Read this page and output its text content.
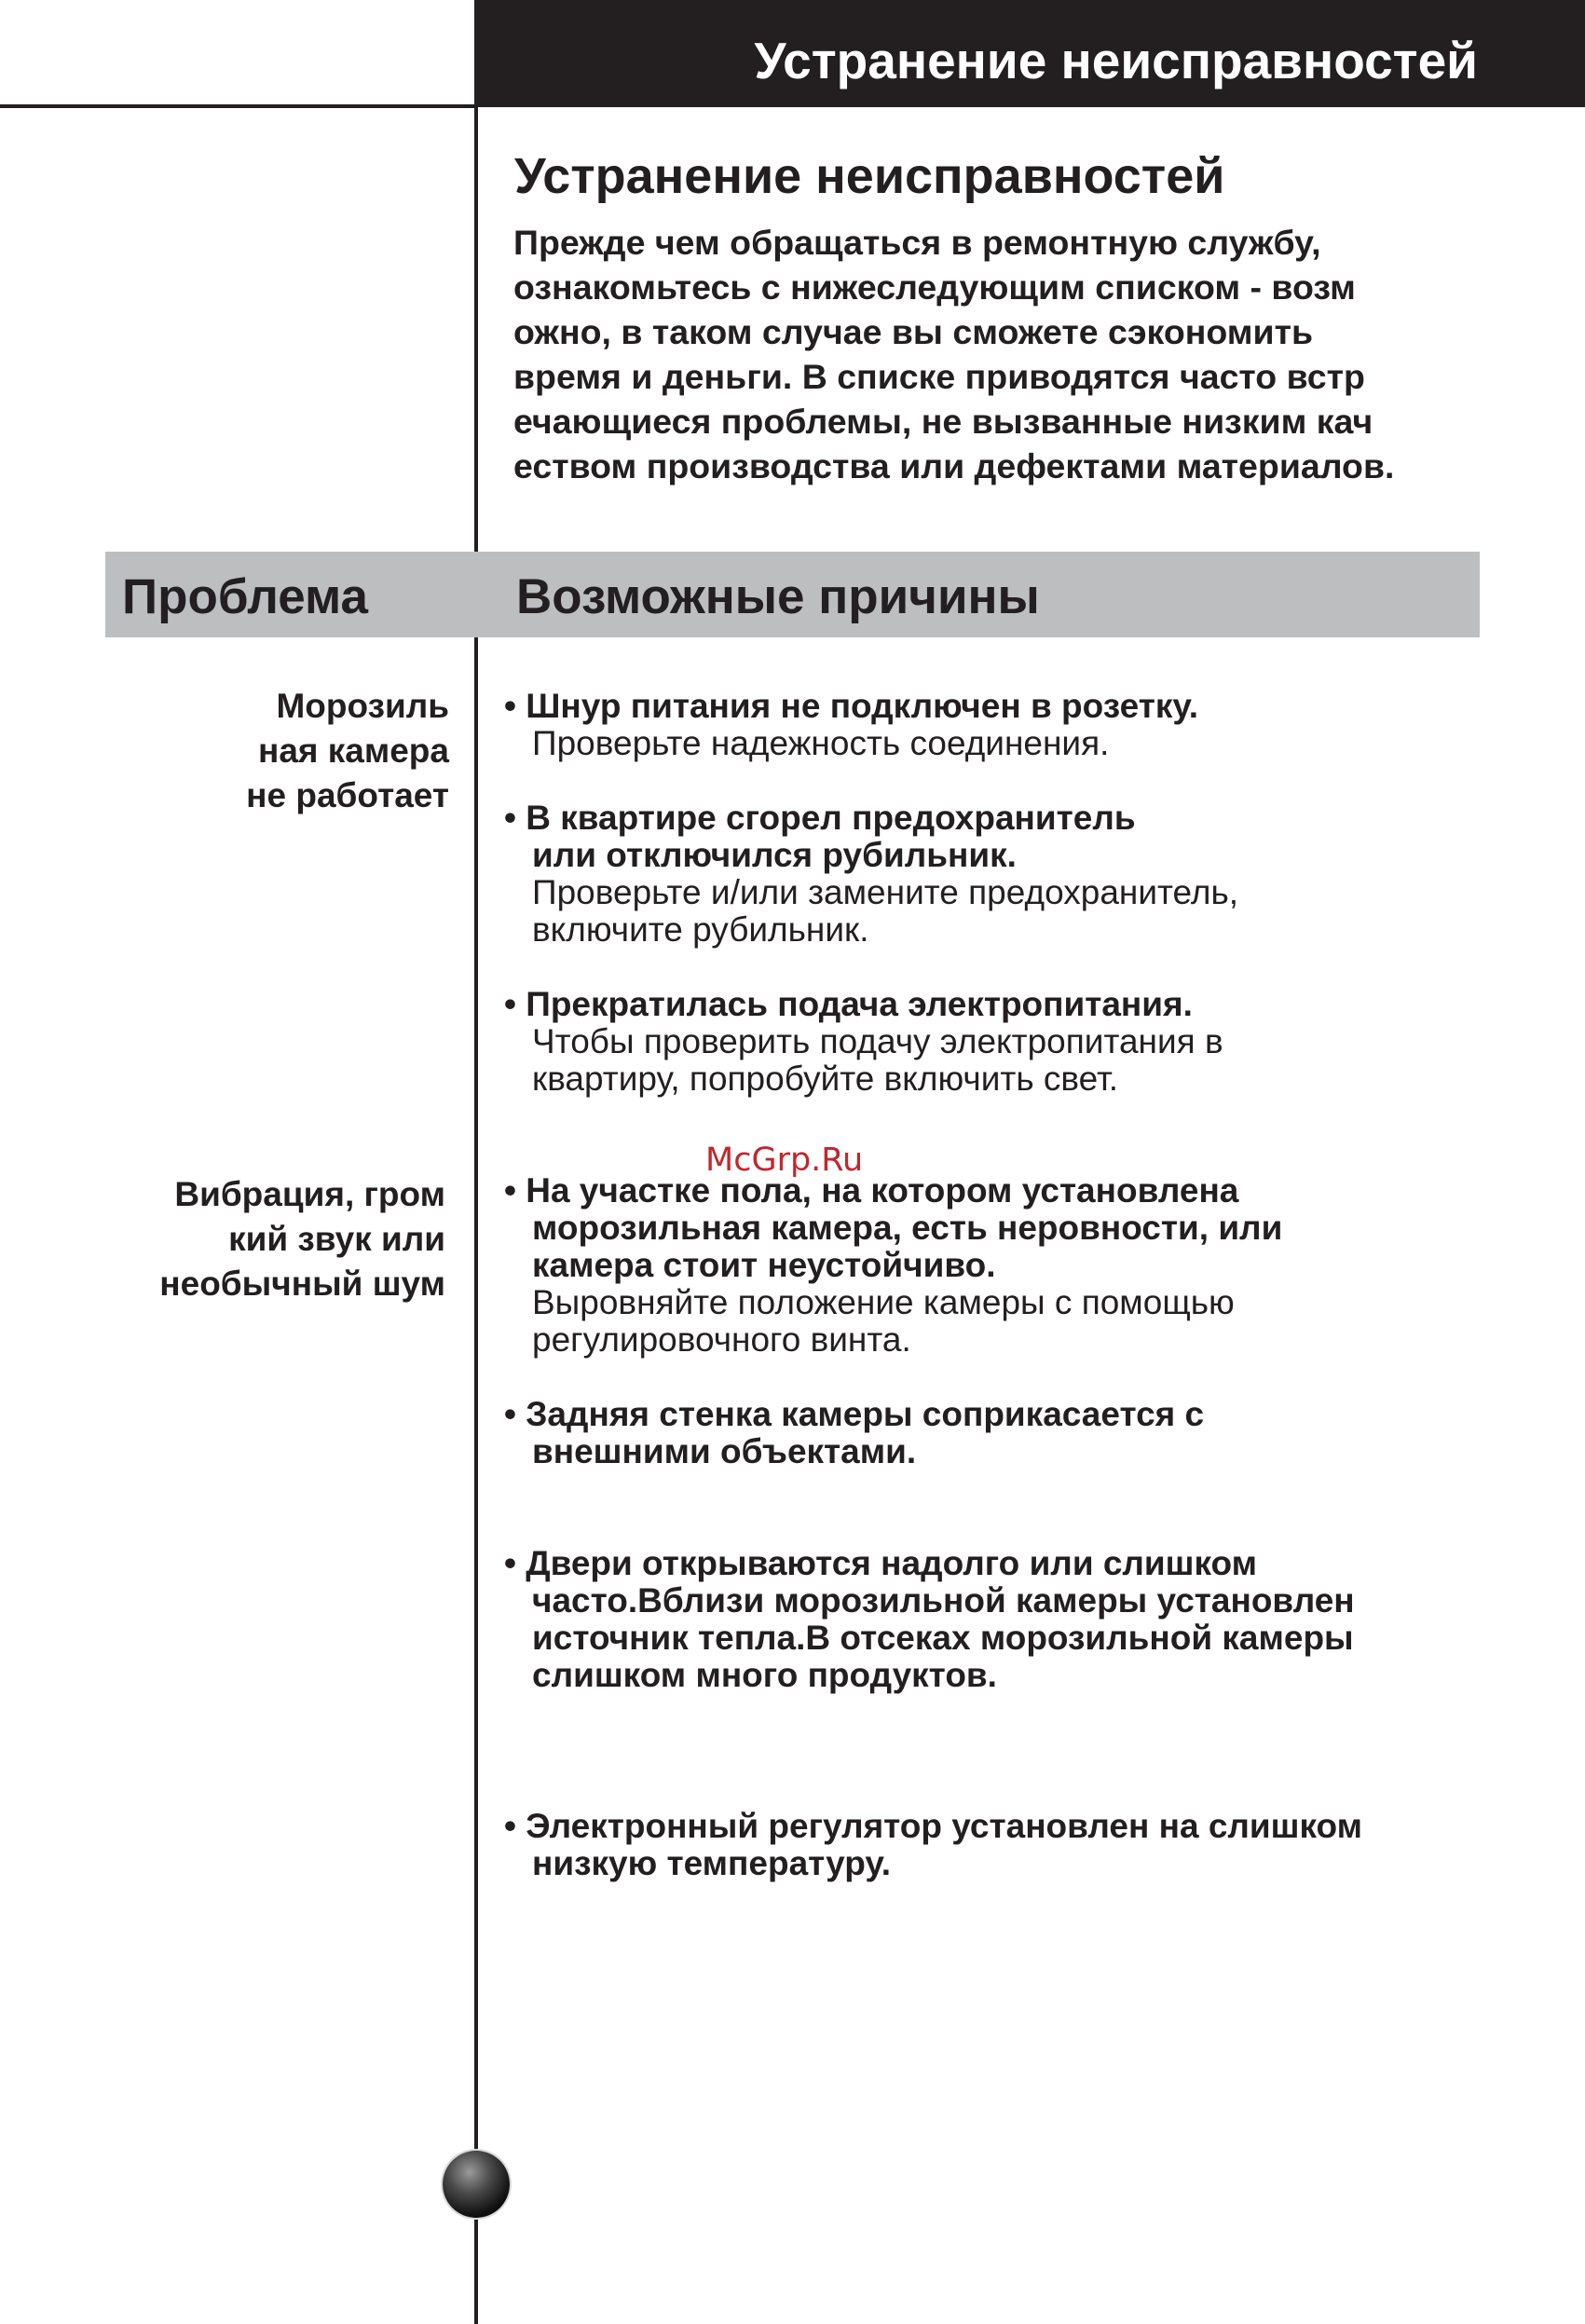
Устранение неисправностей
Устранение неисправностей
Прежде чем обращаться в ремонтную службу,
ознакомьтесь с нижеследующим списком - возм
ожно, в таком случае вы сможете сэкономить
время и деньги. В списке приводятся часто встр
ечающиеся проблемы, не вызванные низким кач
еством производства или дефектами материалов.
Проблема	Возможные причины
Морозиль
ная камера
не работает
Вибрация, гром
кий звук или
необычный шум
• Шнур питания не подключен в розетку.
Проверьте надежность соединения.
• В квартире сгорел предохранитель
или отключился рубильник.
Проверьте и/или замените предохранитель,
включите рубильник.
• Прекратилась подача электропитания.
Чтобы проверить подачу электропитания в
квартиру, попробуйте включить свет.
• На участке пола, на котором установлена
морозильная камера, есть неровности, или
камера стоит неустойчиво.
Выровняйте положение камеры с помощью
регулировочного винта.
• Задняя стенка камеры соприкасается с
внешними объектами.
• Двери открываются надолго или слишком
часто.Вблизи морозильной камеры установлен
источник тепла.В отсеках морозильной камеры
слишком много продуктов.
• Электронный регулятор установлен на слишком
низкую температуру.
McGrp.Ru
